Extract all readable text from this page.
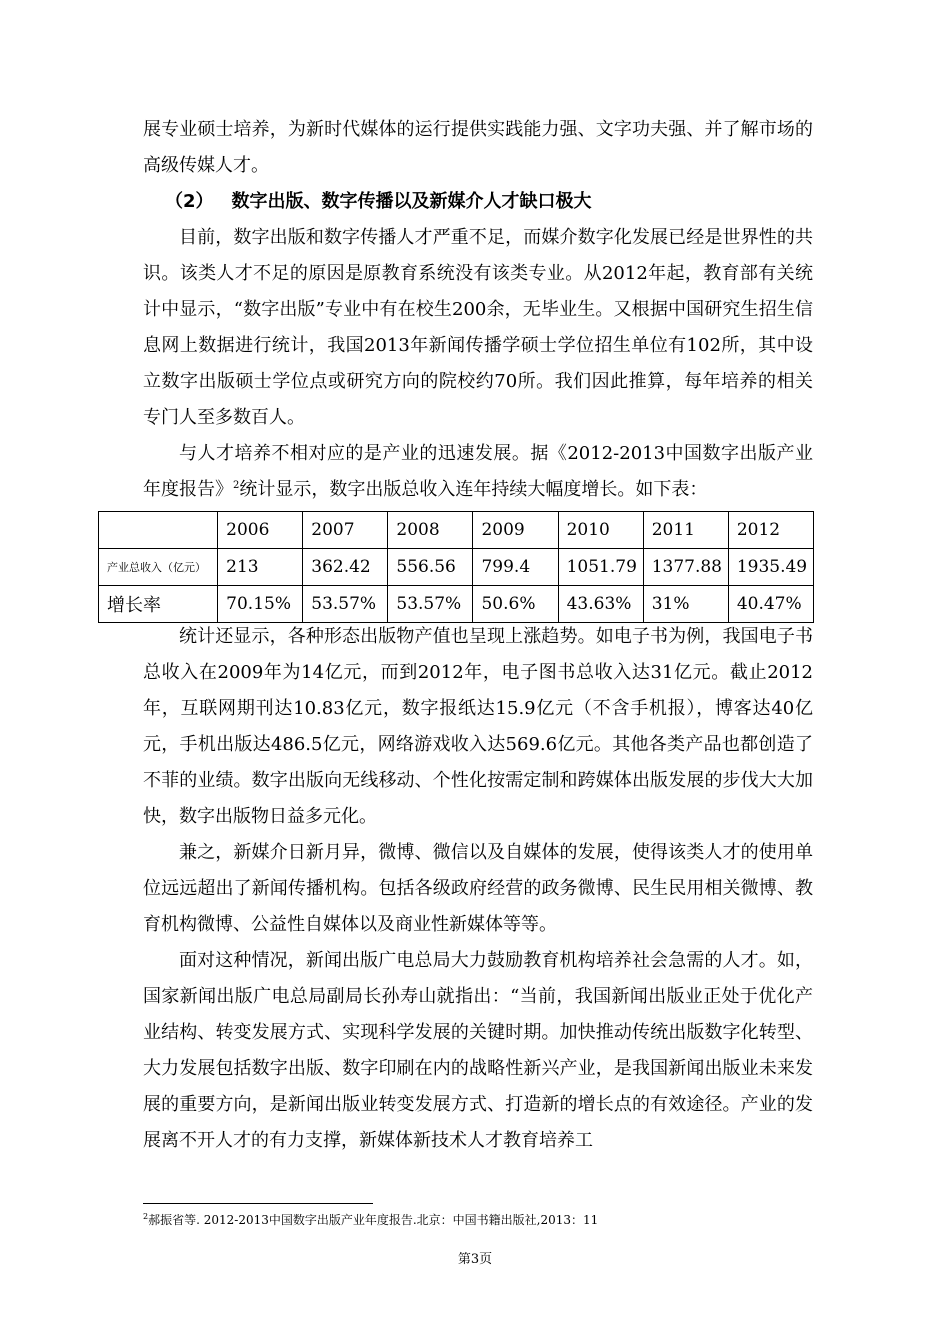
展专业硕士培养，为新时代媒体的运行提供实践能力强、文字功夫强、并了解市场的高级传媒人才。

（2） 数字出版、数字传播以及新媒介人才缺口极大

目前，数字出版和数字传播人才严重不足，而媒介数字化发展已经是世界性的共识。该类人才不足的原因是原教育系统没有该类专业。从2012年起，教育部有关统计中显示，“数字出版”专业中有在校生200余，无毕业生。又根据中国研究生招生信息网上数据进行统计，我国2013年新闻传播学硕士学位招生单位有102所，其中设立数字出版硕士学位点或研究方向的院校约70所。我们因此推算，每年培养的相关专门人至多数百人。

与人才培养不相对应的是产业的迅速发展。据《2012-2013中国数字出版产业年度报告》$^2$统计显示，数字出版总收入连年持续大幅度增长。如下表：

	2006	2007	2008	2009	2010	2011	2012
产业总收入（亿元）	213	362.42	556.56	799.4	1051.79	1377.88	1935.49
增长率	70.15%	53.57%	53.57%	50.6%	43.63%	31%	40.47%

统计还显示，各种形态出版物产值也呈现上涨趋势。如电子书为例，我国电子书总收入在2009年为14亿元，而到2012年，电子图书总收入达31亿元。截止2012年，互联网期刊达10.83亿元，数字报纸达15.9亿元（不含手机报），博客达40亿元，手机出版达486.5亿元，网络游戏收入达569.6亿元。其他各类产品也都创造了不菲的业绩。数字出版向无线移动、个性化按需定制和跨媒体出版发展的步伐大大加快，数字出版物日益多元化。

兼之，新媒介日新月异，微博、微信以及自媒体的发展，使得该类人才的使用单位远远超出了新闻传播机构。包括各级政府经营的政务微博、民生民用相关微博、教育机构微博、公益性自媒体以及商业性新媒体等等。

面对这种情况，新闻出版广电总局大力鼓励教育机构培养社会急需的人才。如，国家新闻出版广电总局副局长孙寿山就指出：“当前，我国新闻出版业正处于优化产业结构、转变发展方式、实现科学发展的关键时期。加快推动传统出版数字化转型、大力发展包括数字出版、数字印刷在内的战略性新兴产业，是我国新闻出版业未来发展的重要方向，是新闻出版业转变发展方式、打造新的增长点的有效途径。产业的发展离不开人才的有力支撑，新媒体新技术人才教育培养工

$^2$郝振省等. 2012-2013中国数字出版产业年度报告.北京：中国书籍出版社,2013：11
第3页
